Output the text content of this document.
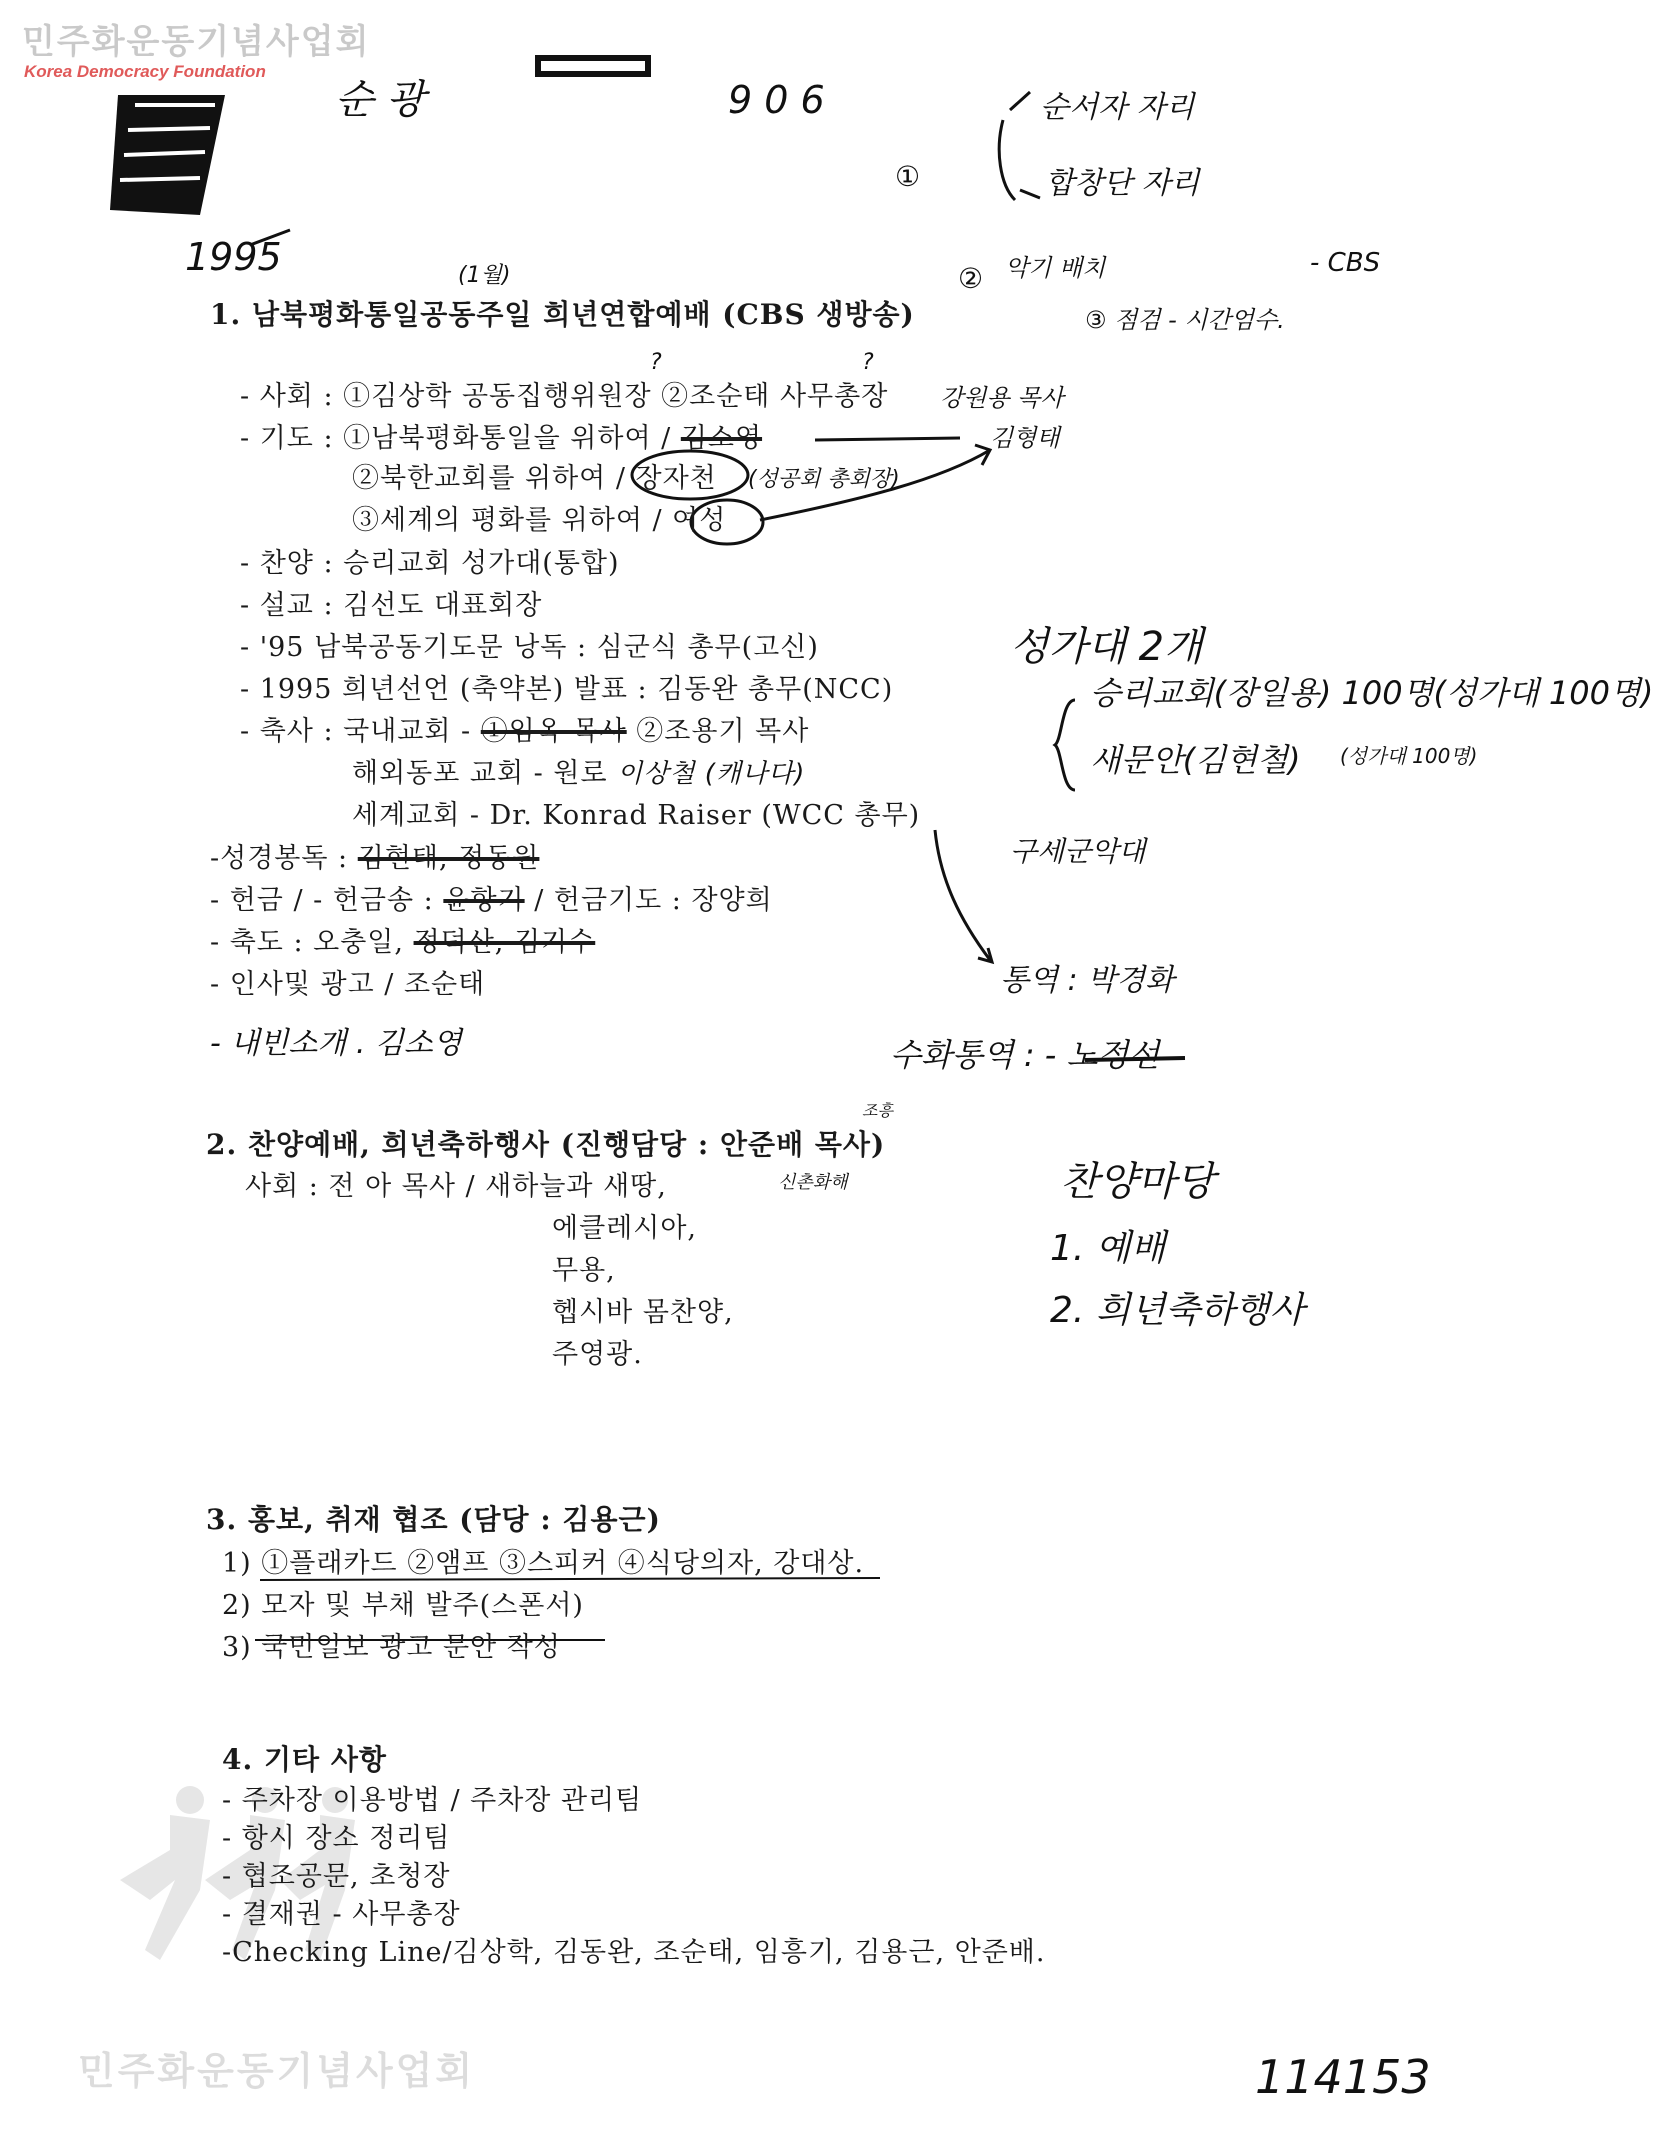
민주화운동기념사업회
Korea Democracy Foundation
민주화운동기념사업회
순 광	9 0 6	순서자 자리
합창단 자리
①
② 악기 배치	- CBS
③ 점검 - 시간엄수.
1995	(1월)
1. 남북평화통일공동주일 희년연합예배 (CBS 생방송)
?	?
- 사회 : ①김상학 공동집행위원장 ②조순태 사무총장 강원용 목사
- 기도 : ①남북평화통일을 위하여 / 김소영	김형태
②북한교회를 위하여 / 장자천 (성공회 총회장)
③세계의 평화를 위하여 / 여성
- 찬양 : 승리교회 성가대(통합)
- 설교 : 김선도 대표회장
- '95 남북공동기도문 낭독 : 심군식 총무(고신)
- 1995 희년선언 (축약본) 발표 : 김동완 총무(NCC)
- 축사 : 국내교회 - ①임옥 목사 ②조용기 목사
해외동포 교회 - 원로 이상철 (캐나다)
세계교회 - Dr. Konrad Raiser (WCC 총무)
-성경봉독 : 김현태, 정동원
- 헌금 / - 헌금송 : 윤항기 / 헌금기도 : 장양희
- 축도 : 오충일, 정덕산, 김기수
- 인사및 광고 / 조순태
- 내빈소개 . 김소영
성가대 2개
승리교회(장일용) 100명(성가대 100명)
새문안(김현철) (성가대 100명)
구세군악대
통역 : 박경화
수화통역 : - 노정선
조흥
2. 찬양예배, 희년축하행사 (진행담당 : 안준배 목사)
사회 : 전 아 목사 / 새하늘과 새땅,	신촌화해
에클레시아,
무용,
헵시바 몸찬양,
주영광.
찬양마당
1. 예배
2. 희년축하행사
3. 홍보, 취재 협조 (담당 : 김용근)
1) ①플래카드 ②앰프 ③스피커 ④식당의자, 강대상.
2) 모자 및 부채 발주(스폰서)
3) 국민일보 광고 문안 작성
4. 기타 사항
- 주차장 이용방법 / 주차장 관리팀
- 항시 장소 정리팀
- 협조공문, 초청장
- 결재권 - 사무총장
-Checking Line/김상학, 김동완, 조순태, 임흥기, 김용근, 안준배.
114153
